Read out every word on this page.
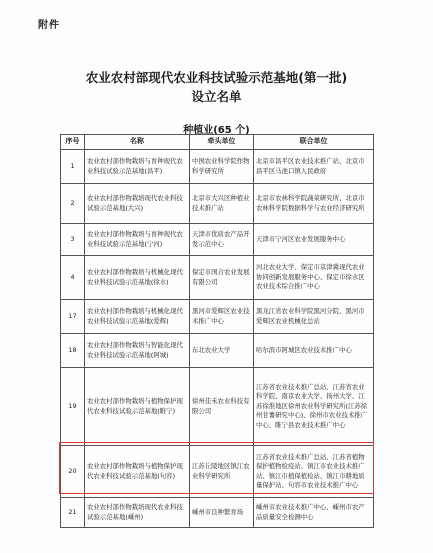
附件
农业农村部现代农业科技试验示范基地(第一批)
设立名单
种植业(65 个)
序号	名称	牵头单位	联合单位
1	农业农村部作物栽培与育种现代农业科技试验示范基地(昌平)	中国农业科学院作物科学研究所	北京市昌平区农业技术推广站、北京市昌平区马池口镇人民政府
2	农业农村部作物栽培现代农业科技试验示范基地(大兴)	北京市大兴区种植业技术推广站	北京市农林科学院蔬菜研究所、北京市农林科学院数据科学与农业经济研究所
3	农业农村部作物栽培与育种现代农业科技试验示范基地(宁河)	天津市优质农产品开发示范中心	天津市宁河区农业发展服务中心
4	农业农村部作物栽培与机械化现代农业科技试验示范基地(徐水)	保定市国合农业发展有限公司	河北农业大学、保定市京津冀现代农业协同创新发展服务中心、保定市徐水区农业技术综合推广中心
17	农业农村部作物栽培与机械化现代农业科技试验示范基地(爱辉)	黑河市爱辉区农业技术推广中心	黑龙江省农业科学院黑河分院、黑河市爱辉区农业机械化总站
18	农业农村部作物栽培与智能化现代农业科技试验示范基地(阿城)	东北农业大学	哈尔滨市阿城区农业技术推广中心
19	农业农村部作物栽培与植物保护现代农业科技试验示范基地(睢宁)	徐州佳禾农业科技有限公司	江苏省农业技术推广总站、江苏省农业科学院、南京农业大学、扬州大学、江苏徐淮地区徐州农业科学研究所(江苏徐州甘薯研究中心)、徐州市农业技术推广中心、睢宁县农业技术推广中心
20	农业农村部作物栽培与植物保护现代农业科技试验示范基地(句容)	江苏丘陵地区镇江农业科学研究所	江苏省农业技术推广总站、江苏省植物保护植物检疫站、镇江市农业技术推广站、镇江市植保植检站、镇江市耕地质量保护站、句容市农业技术推广中心
21	农业农村部作物栽培现代农业科技试验示范基地(嵊州)	嵊州市良种繁育场	嵊州市农业技术推广中心、嵊州市农产品质量安全检测中心
